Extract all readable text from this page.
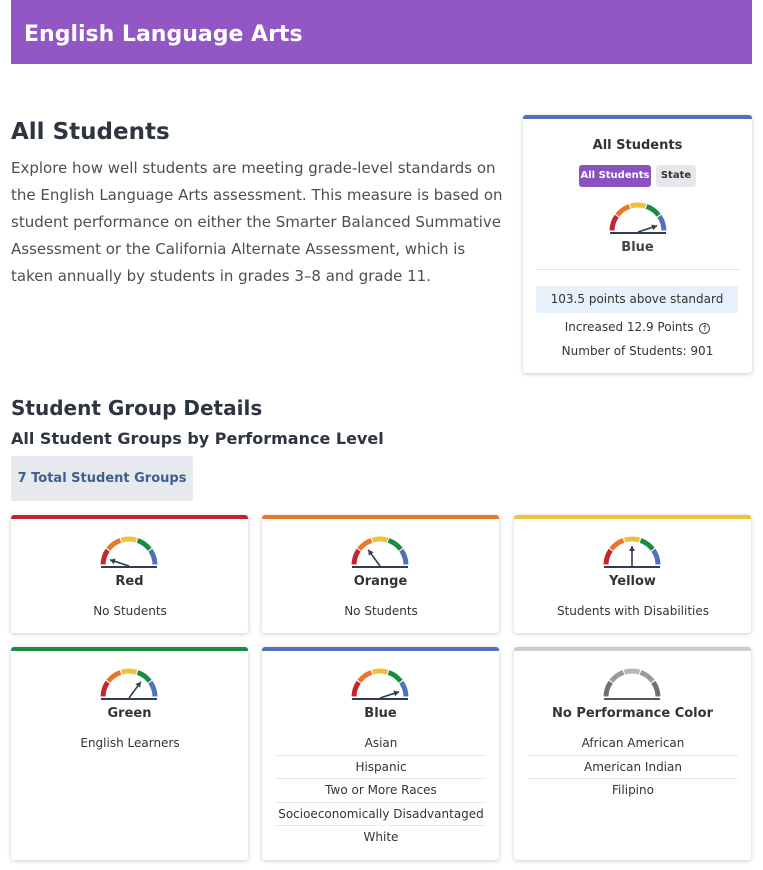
English Language Arts
All Students

Explore how well students are meeting grade-level standards on the English Language Arts assessment. This measure is based on student performance on either the Smarter Balanced Summative Assessment or the California Alternate Assessment, which is taken annually by students in grades 3–8 and grade 11.

All Students
All Students	State
Blue
103.5 points above standard
Increased 12.9 Points ↑
Number of Students: 901
Student Group Details
All Student Groups by Performance Level
7 Total Student Groups
Red
No Students
Orange
No Students
Yellow
Students with Disabilities
Green
English Learners
Blue
Asian
Hispanic
Two or More Races
Socioeconomically Disadvantaged
White
No Performance Color
African American
American Indian
Filipino
